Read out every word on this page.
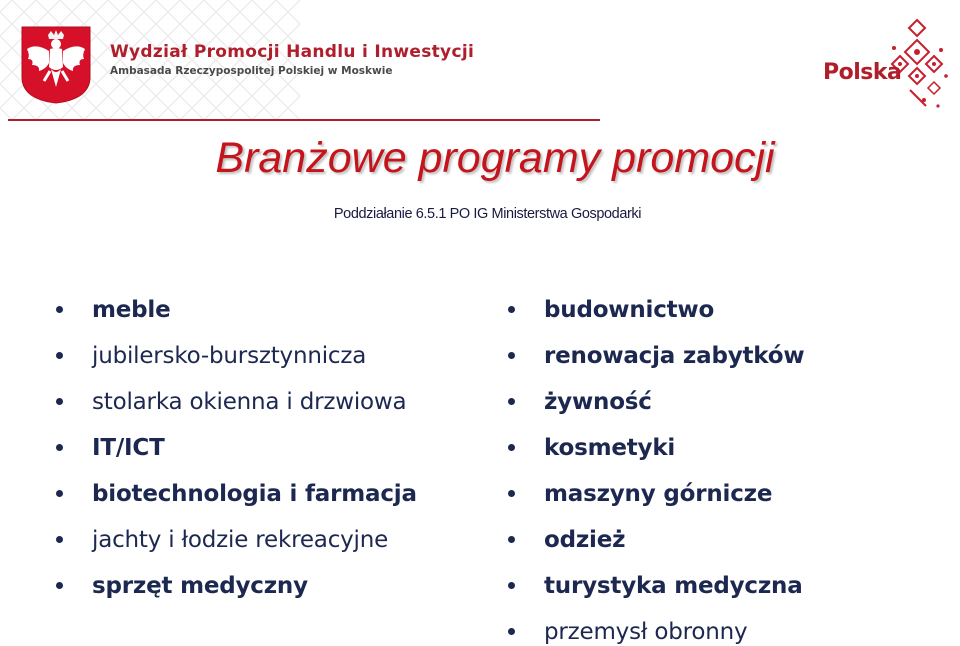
Wydział Promocji Handlu i Inwestycji
Ambasada Rzeczypospolitej Polskiej w Moskwie	Polska
Branżowe programy promocji
Poddziałanie 6.5.1 PO IG Ministerstwa Gospodarki
meble
jubilersko-bursztynnicza
stolarka okienna i drzwiowa
IT/ICT
biotechnologia i farmacja
jachty i łodzie rekreacyjne
sprzęt medyczny
budownictwo
renowacja zabytków
żywność
kosmetyki
maszyny górnicze
odzież
turystyka medyczna
przemysł obronny
